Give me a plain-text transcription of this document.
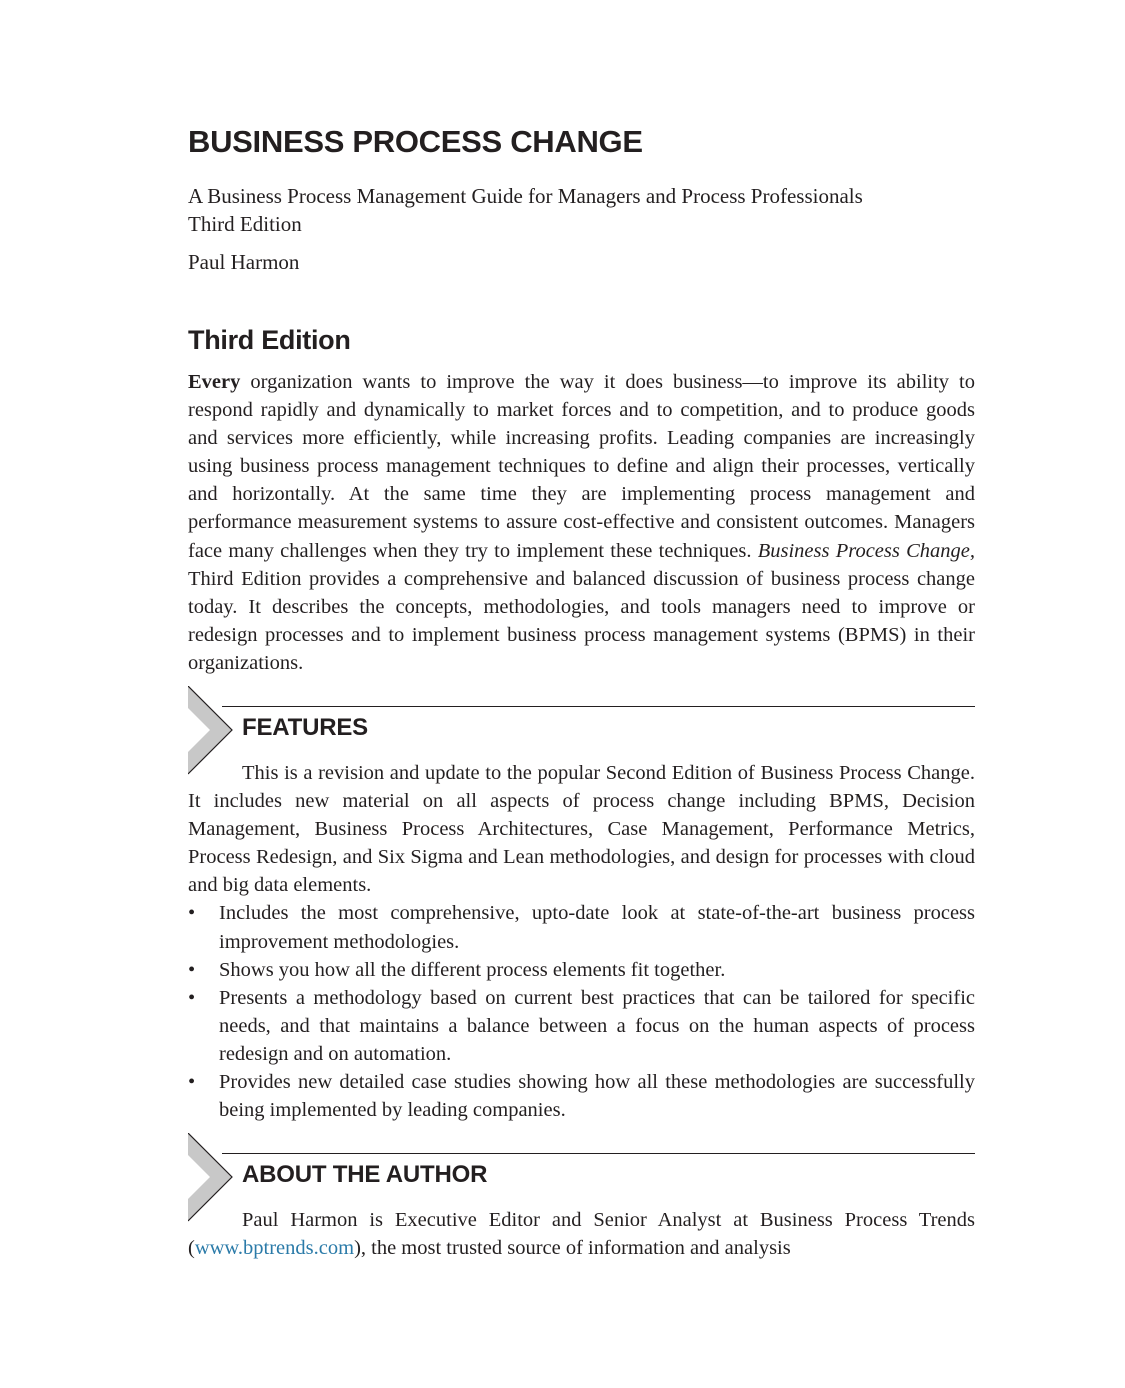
BUSINESS PROCESS CHANGE

A Business Process Management Guide for Managers and Process Professionals
Third Edition

Paul Harmon

Third Edition

Every organization wants to improve the way it does business—to improve its ability to respond rapidly and dynamically to market forces and to competition, and to produce goods and services more efficiently, while increasing profits. Leading companies are increasingly using business process management techniques to define and align their processes, vertically and horizontally. At the same time they are implementing process management and performance measurement systems to assure cost-effective and consistent outcomes. Managers face many challenges when they try to implement these techniques. Business Process Change, Third Edition provides a comprehensive and balanced discussion of business process change today. It describes the concepts, methodologies, and tools managers need to improve or redesign processes and to implement business process management systems (BPMS) in their organizations.

FEATURES

This is a revision and update to the popular Second Edition of Business Process Change. It includes new material on all aspects of process change including BPMS, Decision Management, Business Process Architectures, Case Management, Performance Metrics, Process Redesign, and Six Sigma and Lean methodologies, and design for processes with cloud and big data elements.

•	Includes the most comprehensive, upto-date look at state-of-the-art business process improvement methodologies.
•	Shows you how all the different process elements fit together.
•	Presents a methodology based on current best practices that can be tailored for specific needs, and that maintains a balance between a focus on the human aspects of process redesign and on automation.
•	Provides new detailed case studies showing how all these methodologies are successfully being implemented by leading companies.
ABOUT THE AUTHOR

Paul Harmon is Executive Editor and Senior Analyst at Business Process Trends (www.bptrends.com), the most trusted source of information and analysis
